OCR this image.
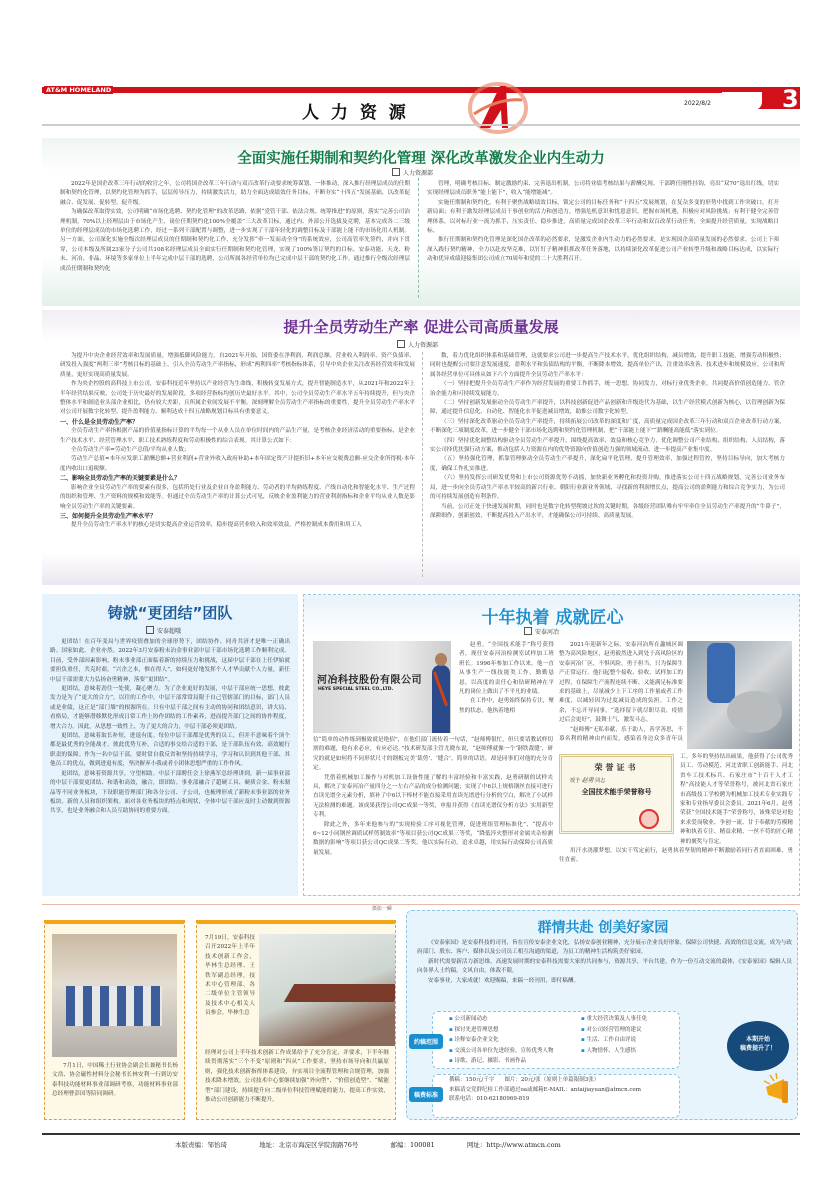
AT&M HOMELAND
人 力 资 源	2022/8/2	3
全面实施任期制和契约化管理 深化改革激发企业内生动力
人力资源部

2022年是国企改革三年行动的收官之年，公司将国企改革三年行动与双百改革行动要求统筹谋划、一体推动，深入推行经理层成员的任期制和契约化管理，以契约化管理为抓手，层层传导压力，持续激发活力，助力全面达成绩效任务目标，不断夯实“十四五”发展基础，以改革促融合、促发展、促转型、促升级。

为确保改革取得实效，公司明确“市场化选聘、契约化管理”的改革思路，依据“党管干部、依法合规、统筹推进”的原则，落实“完善公司治理机制，70%以上经理层由于市场化产生，岗位任期契约化100%全覆盖”三大改革目标，通过内、外部公开选拔及竞聘，基本完成各二三级单位的经理层成员的市场化选聘工作，经过一系列干部配置与调整，进一步实现了干部年轻化的调整目标及干部能上能下的市场化用人机制。另一方面，公司深化实施全级次经理层成员的任期制和契约化工作，充分发挥“牵一发而动全身”的系统效应，公司高管率先签约，并向下贯穿，公司本级及所属23家分子公司共108名经理层成员全面实行任期制和契约化管理，实现了100%签订契约的目标。安泰功能、天龙、粉末、河冶、非晶、环境等多家单位上半年完成中层干部的选聘，公司所属各经营单位均已完成中层干部的契约化工作。通过推行全级次经理层成员任期制和契约化

管理，明确考核目标、制定激励约束、完善退出机制，公司将业绩考核结果与薪酬兑现、干部聘任刚性挂钩，亮出“双70”退出红线，切实实现经理层成员职务“能上能下”，收入“能增能减”。

实施任期制和契约化，有利于聚焦战略绩效目标，锁定公司的目标任务和“十四五”发展规划，在复杂多变的形势中找到工作突破口，打开新局面；有利于激发经理层成员干事创业的活力和创造力，增强危机意识和忧患意识，把握市场机遇，积极应对风险挑战；有利于健全完善管理体系，以对标行业一流为抓手，压实责任、稳步推进，高质量完成国企改革三年行动和双百改革行动任务，全面提升经营质量，实现战略目标。

推行任期制和契约化管理是深化国企改革的必然要求，是激发企业内生动力的必然要求，是实现国企高质量发展的必然要求。公司上下须深入践行契约精神，全力以赴攻坚克难，以钉钉子精神狠抓改革任务落地，以持续深化改革促进公司产业转型升级和战略目标达成，以实际行动和优异成绩迎接集团公司成立70周年和党的二十大胜利召开。

提升全员劳动生产率 促进公司高质量发展
人力资源部

为提升中央企业经营效率和发展质量，增强抵御风险能力，自2021年开始，国资委在净利润、利润总额、营业收入利润率、资产负债率、研发投入强度“两利三率”考核目标的基础上，引入全员劳动生产率指标，形成“两利四率”考核指标体系，引导中央企业关注改善经营效率和发展质量，更好实现高质量发展。

作为央企控股的高科技上市公司，安泰科技近年坚持以产业经营为生命线，积极转变发展方式，提升智能制造水平，从2021年和2022年上半年经营结果反映，公司处于历史最好的发展阶段，多项经营指标均创历史最好水平。其中，公司全员劳动生产率水平五年持续提升，但与央企整体水平和制造业头部企业相比，仍有较大差距，且所属企业间发展不平衡。深刻理解全员劳动生产率指标的重要性，提升全员劳动生产率水平对公司开展数字化转型、提升盈利能力、顺利达成十四五战略规划目标具有重要意义。

一、什么是全员劳动生产率？

全员劳动生产率指根据产品的价值量指标计算的平均每一个从业人员在单位时间内的产品生产量，是考核企业经济活动的重要指标，是企业生产技术水平、经营管理水平、职工技术熟练程度和劳动积极性的综合表现。其计算公式如下：

全员劳动生产率=劳动生产总值/平均从业人数；

劳动生产总值=本年应发职工薪酬总额+营业利润+营业外收入政府补助+本年固定资产计提折旧+本年应交税费总额-应交企业所得税-本年度内收出口退税额。

二、影响全员劳动生产率的关键要素是什么？

影响企业全员劳动生产率的要素有很多，包括所处行业及企业自身盈利能力、劳动者的平均熟练程度、产线自动化和智能化水平、生产过程的组织和管理、生产资料的规模和效能等。但通过全员劳动生产率的计算公式可见，反映企业盈利能力的营业利润指标和企业平均从业人数是影响全员劳动生产率的关键要素。

三、如何提升全员劳动生产率水平？

提升全员劳动生产率水平的核心是切实提高企业运营效率，稳步提高营业收入和效率效益，严格控制成本费用和用工人

数，着力优化组织体系和基础管理，这就要求公司进一步提高生产技术水平，优化组织结构，减员增效，提升职工技能，增强劳动积极性；同时也提醒公司要注意发展速度，盈利水平和负债结构的平衡，不断降本增效，提高单位产出，注重效率改善、技术进步和规模效应。公司和所属各经营单位可具体从如下六个方面提升全员劳动生产率水平：

（一）坚持把提升全员劳动生产率作为经营发展的重要工作抓手，统一思想，协同发力，对标行业优秀企业，共同提高价值创造能力、管企治企能力和可持续发展能力。

（二）坚持创新发展驱动全员劳动生产率提升，以科技创新促进产品创新和升级迭代为基础，以生产经营模式创新为核心，以管理创新为保障，通过提升信息化、自动化、智能化水平促进减员增效，助推公司数字化转型。

（三）坚持深化改革驱动全员劳动生产率提升，持续拓展公司改革的深度和广度，高质量完成国企改革三年行动和双百企业改革行动方案，不断深化三项制度改革，进一步健全干部市场化选聘和契约化管理机制，把“干部能上能下”“薪酬能高能低”落实到位。

（四）坚持优化调整结构驱动全员劳动生产率提升，围绕提高效率、效益和核心竞争力，优化调整公司产业结构、组织结构、人员结构，落实公司择优扶强行动方案，推动包括人力资源在内的优势资源向价值创造力强的领域流动，进一步提高产业集中度。

（五）坚持强化管理，抓靠管理驱动全员劳动生产率提升，深化扁平化管理，提升管理效率，加强过程管控，坚持目标导向，加大考核力度，确保工作扎实推进。

（六）坚持发挥公司研发优势和上市公司资源优势不动摇，加快新业务孵化和投资并购，推进落实公司十四五战略规划，完善公司业务布局，进一步向全员劳动生产率水平较高的新兴行业、朝阳行业新业务领域，寻找新的利润增长点，提高公司的盈利能力和综合竞争实力，为公司的可持续发展创造有利条件。

当前，公司正处于快速发展时期，同时也是数字化转型爬坡过坎的关键时期，各级经营团队唯有牢牢牵住全员劳动生产率提升的“牛鼻子”，深耕细作，创新创效，不断提高投入产出水平，才能确保公司可持续、高质量发展。

铸就“更团结”团队
安泰超哦

更团结！在百年变局与世界疫情叠加的全球形势下，团结协作、同舟共济才是唯一正确出路。国家如此，企业亦然。2022年3月安泰粉末冶金事业部中层干部市场化选聘工作顺利完成。目前，受外部因素影响，粉末事业部正面临着新的持续压力和挑战，这届中层干部在上任伊始就要担负重任，共克时艰。“兴企之本，惟在得人”，如何更好地发挥个人才华贡献个人力量，新任中层干部需要大力弘扬奋勇精神，落要“更团结”。

更团结，意味着劲往一处使，凝心聚力。为了企业更好的发展，中层干部应统一思想，彼此发力是为了“更大的合力”，以往的工作中，中层干部常常局限于自己管辖部门的目标，部门人员或是业绩，这正是“部门墙”的根源所在。只有中层干部之间有主动的协同和团结意识，讲大局、看格局，才能够潜移默化形成日常工作上协作团结的工作素养，进而提升部门之间的协作程度，增大合力。因此，从思想一致性上，为了更大的合力，中层干部必须更团结。

更团结，意味着取长补短，进退有度。每位中层干部都是优秀的员工，但并不意味着个顶个都是最优秀的全能战才，彼此优势互补，合适的事交给合适的干部，是干部队伍有效、高效履行职责的保障。作为一名中层干部，要时常自我反省和坚持持续学习，学习和认识到其他干部、其他员工的优点，做到进退有度，坚决摒弃小我或者小团体思想严重的工作作风。

更团结，意味着资源共享，守望相助。中层干部聘任会上徐燕军总经理讲到，新一届事业部的中层干部要更团结、和谐和高效，融合，即团结。事业部融合了超硬工具、硬质合金、粉末制品等不同业务板块，下设职能管理部门和各分公司、子公司，也梳理形成了新粉末事业部的业务板块、新的人员和组织架构。面对各业务板块的特点和现状，全体中层干部应及时主动做到资源共享，也是业务融合和人员互助协同的重要方面。

十年执着 成就匠心
安泰河冶
河冶科技股份有限公司
HEYE SPECIAL STEEL CO.,LTD.

赵勇，“全国技术能手”称号获得者，现任安泰河冶检测室试样加工班班长。1996年参加工作以来，他一直从事生产一线技能类工作，勤勤恳恳，以高度的责任心和钻研精神在平凡的岗位上做出了不平凡的业绩。

在工作中，赵勇始终保持专注，聚焦的状态，他执着地相

信“简单的动作练到极致就是绝招”，在他们部门流传着一句话，“赵师傅很忙，但只要请教试样切割的难题，他有求必应，有应必达。”技术研发部主管尤晓东说，“赵师傅就像一个‘钢铁裁缝’，研究的就是如何将不同形状尺寸的钢板完美‘裁剪’、‘缝合’。简单的话语，却是同事们对他的充分肯定。

凭借着机械加工操作与对机加工设备性能了解的丰富经验和丰富实践，赵勇研制的试样夹具，解决了安泰河冶产量四分之一左右产品的成分检测问题；实现了中6以上规格钢丝直接可进行直读光谱全元素分析，填补了中6以下棒材不能直接采用直读光谱进行分析的空白，解决了小试样无法检测的难题。该成果获得公司QC成果一等奖，申报并获得《直读光谱仪分析方法》实用新型专利。

除此之外，多年来他参与的“实现检验工序可视化管理，促进班组管理标准化”、“提高中6~12小同钢丝调质试样剪制效率”等项目获公司QC成果三等奖，“降低淬火整形对金属夹杂检测数据的影响”等项目获公司QC成果二等奖。他以实际行动，追求卓越，用实际行动保障公司高质量发展。

2021年迎新年之际，安泰河冶所在蠡城区调整为高风险地区，赵勇毅然进入到处于高风险区的安泰河冶厂区，不惧风险，勇于担当，只为保障生产正常运行。他扫起整个接收、验收、试样加工的过程，在保障生产流程连续不断、又能满足标准要求的基础上，尽量减少上下工序的工作量或者工作难度，以减轻因为过度减员造成的负担。工作之余，不忘开导同事，“选择留下就尽职尽责，疫情过后会更好”，鼓舞士气，激发斗志。

“赵师傅”无私奉献，乐于助人，善学善思，不慕名利的精神由内而发，感染着身边众多青年员工。多年的坚持结出硕果，他获得了公司优秀员工、劳动模范、河北省职工创新能手、河北省车工技术标兵、石家庄市“十百千人才工程”高技能人才等荣誉称号，被河北省石家庄市高级技工学校聘为机械加工技术专业实践专家和专业指导委员会委员。2021年6月，赵勇荣获“全国技术能手”荣誉称号，该殊荣是对他来求爱岗敬业、争创一流、甘于奉献的劳模精神和执着专注、精益求精、一丝不苟的匠心精神的褒奖与肯定。

用汗水浇灌梦想，以实干笃定前行，赵勇执着坚韧的精神不断激励着同行者直面困难，勇往直前。

荣誉证书
授予 赵勇 同志
全国技术能手荣誉称号
摄影一瞬

7月1日，中国稀土行业协会副会长兼秘书长杨文浩、协会磁性材料分会秘书长林安利一行到访安泰科技功能材料事业部调研考察，功能材料事业部总经理曹彭国等陪同调研。

7月19日，安泰科技召开2022年上半年技术创新工作会，毕林生总经理、王铁军副总经理，技术中心管理部、各二级单位主管领导及技术中心相关人员参会。毕林生总

经理对公司上半年技术创新工作成果给予了充分肯定，并要求，下半年继续贯彻落实“三个不变”原则和“四从”工作要求，坚持市场导向和共赢原则，强化技术创新指挥体系建设，夯实项目全流程管理和合规管理，加强技术降本增效。公司技术中心要继续加强“外向型”、“价值创造型”、“赋能型”部门建设，持续提升向二级单位科技管理赋能的能力，提高工作实效，推动公司创新能力不断提升。

群情共赴 创美好家园

《安泰家园》是安泰科技的司刊，旨在宣传安泰企业文化，弘扬安泰创业精神，充分展示企业良好形象，保障公司快捷、高效的信息交流，成为与政府部门、股东、客户、媒体以及公司员工相互沟通的渠道，为员工的精神生活构筑美好家园。

新时代需要新活力新思维，高速发展时期的安泰科技需要大家的共同参与，资源共享，平台共建。作为一份互动交流的载体，《安泰家园》编辑人员向各界人士约稿，文风自由，体裁不限。

安泰事业，大家成就！欢迎赐稿，来稿一经刊用，即付稿酬。

约稿范围
▪ 公司新闻动态
▪ 探讨先进管理思想
▪ 诠释安泰企业文化
▪ 交流公司各单位先进经验，宣传优秀人物
▪ 诗歌、游记、摄影、书画作品
▪ 重大经营决策及人事任免
▪ 对公司经营管理的建议
▪ 生活、工作自由评说
▪ 人物情怀、人生感悟
稿费标准
撰稿：150元/千字 图片：20元/张（原则上单篇限制3张）
来稿请交党群纪检工作部通过oa或邮箱E-MAIL：antaijiayuan@atmcn.com
联系电话：010-62180969-819
本期开始
稿费提升了！
本版责编：邹怡琦	地址：北京市海淀区学院南路76号	邮编：100081	网址：http://www.atmcn.com
